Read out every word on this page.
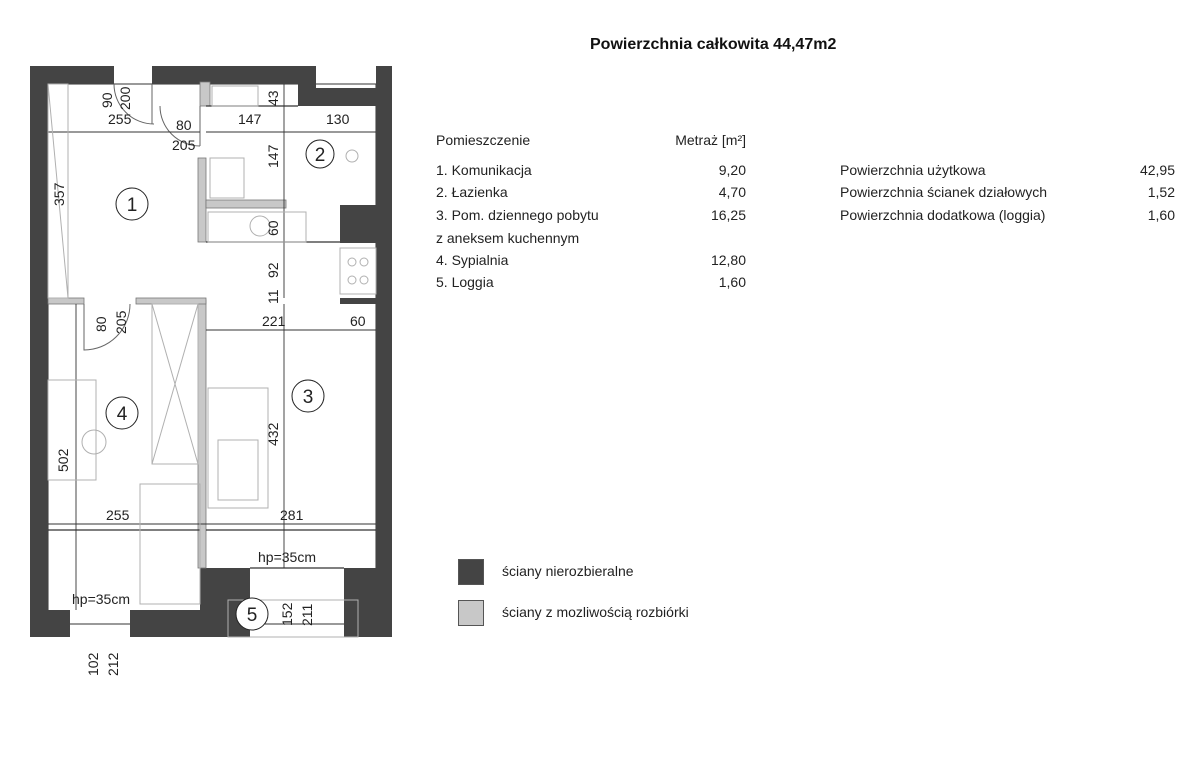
Powierzchnia całkowita 44,47m2
1
2
3
4
5
90 200
255	80
205
147
43
130
147
357
60
92
11
221	60
80 205
432
502
255	281
152 211
102 212
hp=35cm
hp=35cm
Pomieszczenie	Metraż [m²]
1. Komunikacja	9,20
2. Łazienka	4,70
3. Pom. dziennego pobytu	16,25
z aneksem kuchennym
4. Sypialnia	12,80
5. Loggia	1,60
Powierzchnia użytkowa	42,95
Powierzchnia ścianek działowych	1,52
Powierzchnia dodatkowa (loggia)	1,60
ściany nierozbieralne
ściany z mozliwością rozbiórki
